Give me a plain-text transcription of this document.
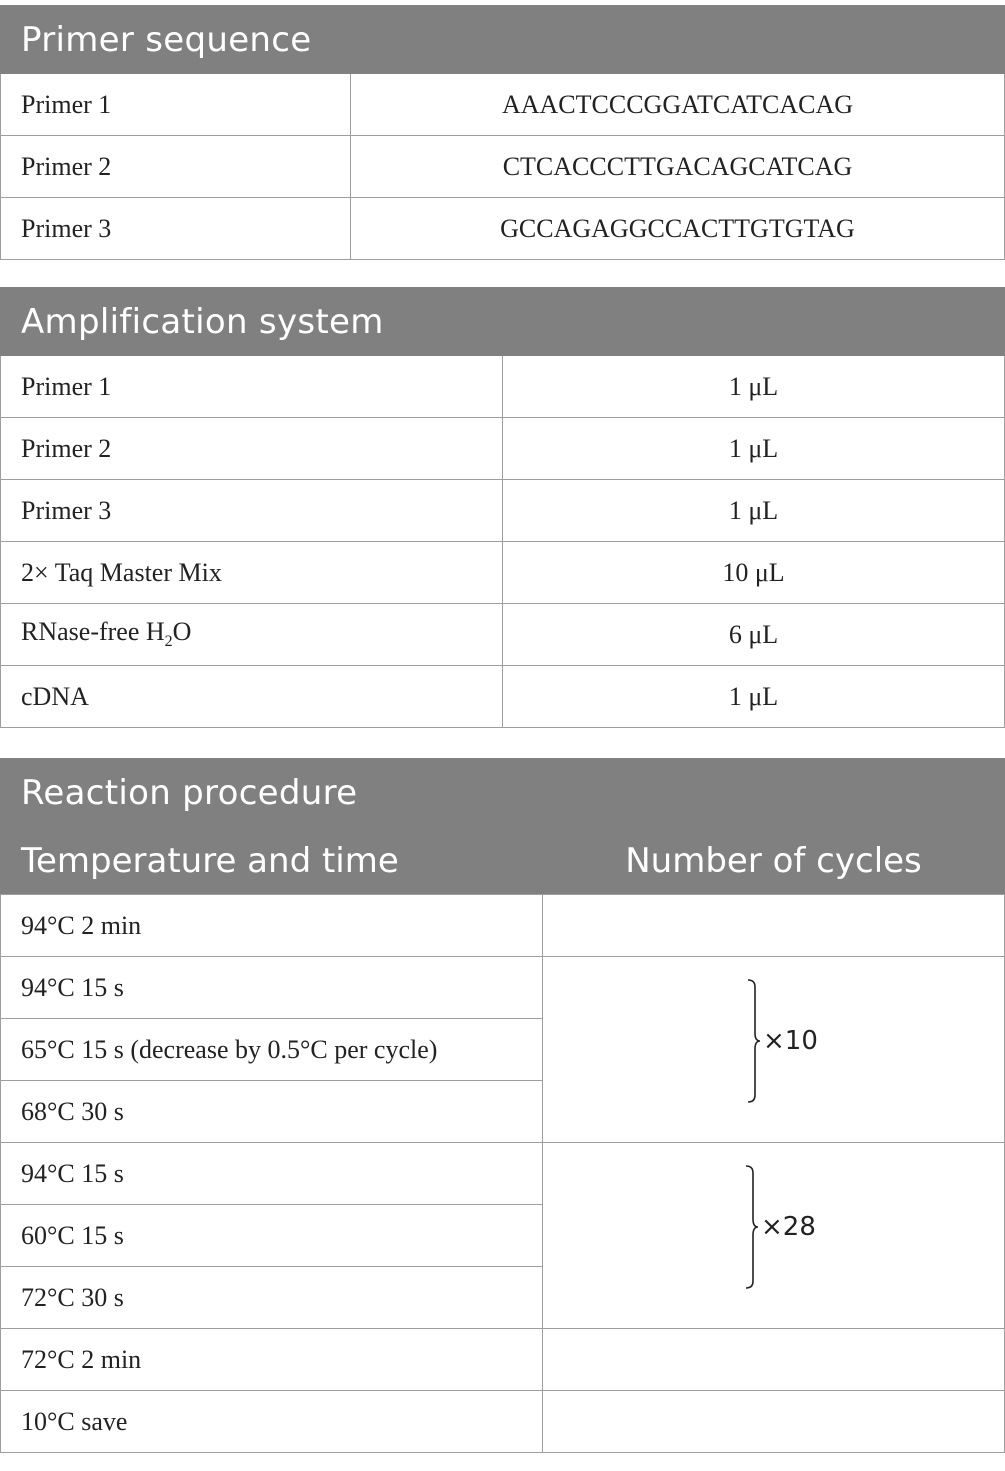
Primer sequence	
Primer 1	AAACTCCCGGATCATCACAG
Primer 2	CTCACCCTTGACAGCATCAG
Primer 3	GCCAGAGGCCACTTGTGTAG
Amplification system	
Primer 1	1 μL
Primer 2	1 μL
Primer 3	1 μL
2× Taq Master Mix	10 μL
RNase-free $H_2O$	6 μL
cDNA	1 μL
Reaction procedure	
Temperature and time	Number of cycles
94°C 2 min	
94°C 15 s	×10

65°C 15 s (decrease by 0.5°C per cycle)	
68°C 30 s	
94°C 15 s	×28

60°C 15 s	
72°C 30 s	
72°C 2 min	
10°C save	
